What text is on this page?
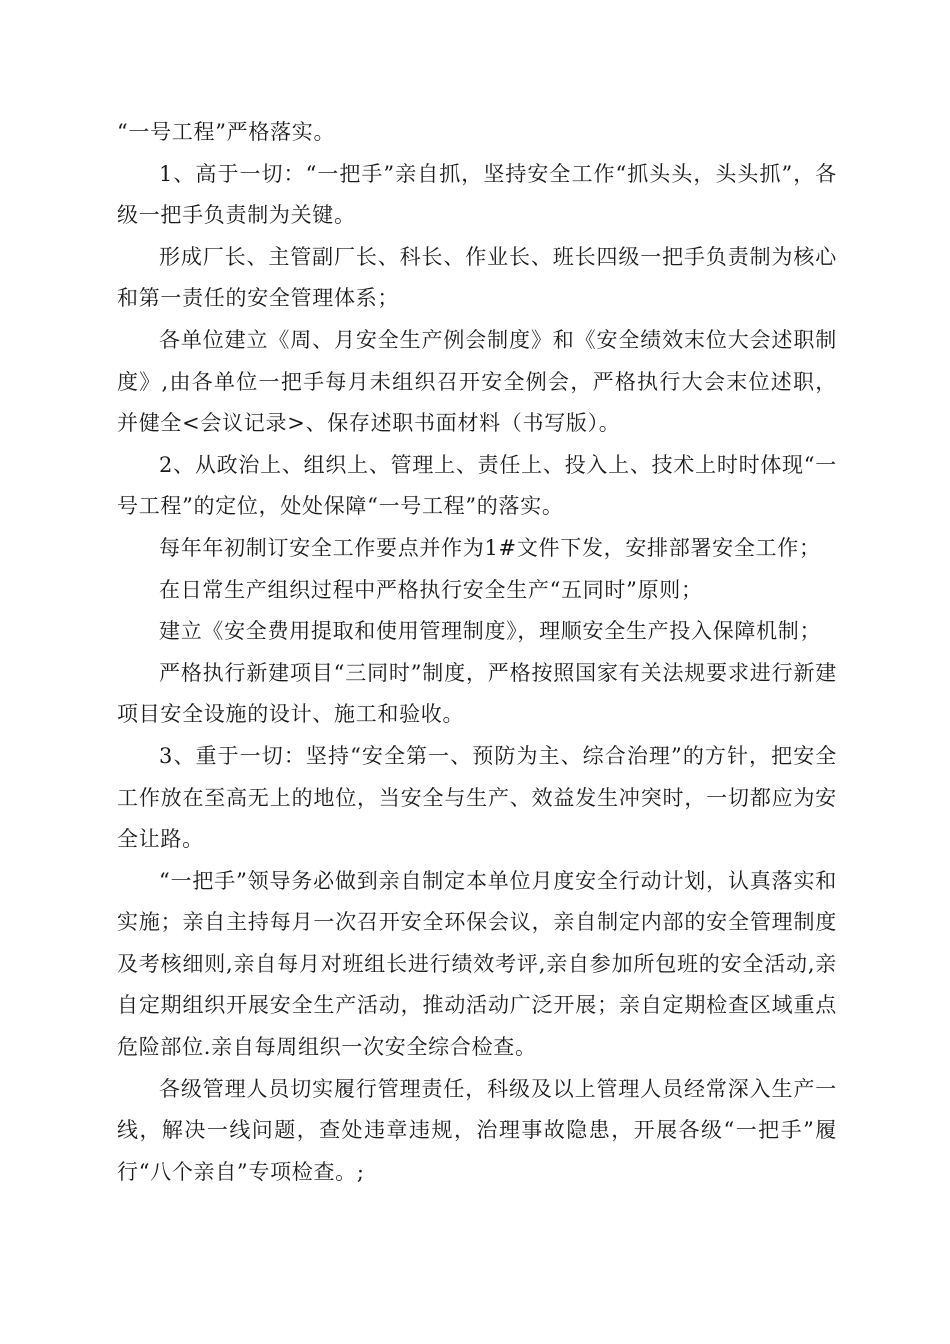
“一号工程”严格落实。

1、高于一切：“一把手”亲自抓，坚持安全工作“抓头头，头头抓”，各级一把手负责制为关键。

形成厂长、主管副厂长、科长、作业长、班长四级一把手负责制为核心和第一责任的安全管理体系；

各单位建立《周、月安全生产例会制度》和《安全绩效末位大会述职制度》,由各单位一把手每月未组织召开安全例会，严格执行大会末位述职，并健全<会议记录>、保存述职书面材料（书写版）。

2、从政治上、组织上、管理上、责任上、投入上、技术上时时体现“一号工程”的定位，处处保障“一号工程”的落实。

每年年初制订安全工作要点并作为1#文件下发，安排部署安全工作；

在日常生产组织过程中严格执行安全生产“五同时”原则；

建立《安全费用提取和使用管理制度》，理顺安全生产投入保障机制；

严格执行新建项目“三同时”制度，严格按照国家有关法规要求进行新建项目安全设施的设计、施工和验收。

3、重于一切：坚持“安全第一、预防为主、综合治理”的方针，把安全工作放在至高无上的地位，当安全与生产、效益发生冲突时，一切都应为安全让路。

“一把手”领导务必做到亲自制定本单位月度安全行动计划，认真落实和实施；亲自主持每月一次召开安全环保会议，亲自制定内部的安全管理制度及考核细则,亲自每月对班组长进行绩效考评,亲自参加所包班的安全活动,亲自定期组织开展安全生产活动，推动活动广泛开展；亲自定期检查区域重点危险部位.亲自每周组织一次安全综合检查。

各级管理人员切实履行管理责任，科级及以上管理人员经常深入生产一线，解决一线问题，查处违章违规，治理事故隐患，开展各级“一把手”履行“八个亲自”专项检查。;
